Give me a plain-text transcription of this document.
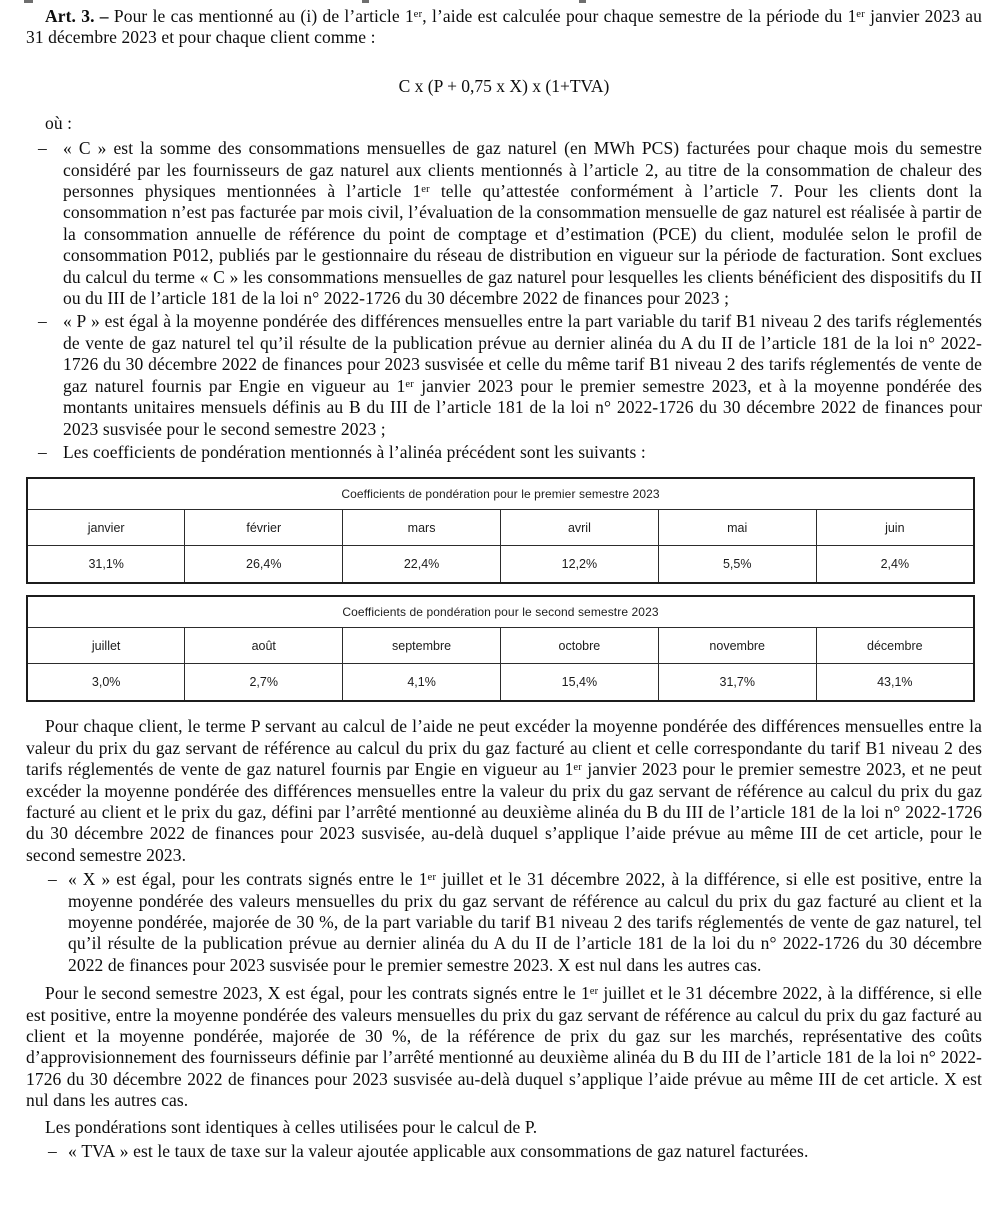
Art. 3. – Pour le cas mentionné au (i) de l’article 1ᵉʳ, l’aide est calculée pour chaque semestre de la période du 1ᵉʳ janvier 2023 au 31 décembre 2023 et pour chaque client comme :

C x (P + 0,75 x X) x (1+TVA)

où :

– « C » est la somme des consommations mensuelles de gaz naturel (en MWh PCS) facturées pour chaque mois du semestre considéré par les fournisseurs de gaz naturel aux clients mentionnés à l’article 2, au titre de la consommation de chaleur des personnes physiques mentionnées à l’article 1ᵉʳ telle qu’attestée conformément à l’article 7. Pour les clients dont la consommation n’est pas facturée par mois civil, l’évaluation de la consommation mensuelle de gaz naturel est réalisée à partir de la consommation annuelle de référence du point de comptage et d’estimation (PCE) du client, modulée selon le profil de consommation P012, publiés par le gestionnaire du réseau de distribution en vigueur sur la période de facturation. Sont exclues du calcul du terme « C » les consommations mensuelles de gaz naturel pour lesquelles les clients bénéficient des dispositifs du II ou du III de l’article 181 de la loi n° 2022-1726 du 30 décembre 2022 de finances pour 2023 ;
– « P » est égal à la moyenne pondérée des différences mensuelles entre la part variable du tarif B1 niveau 2 des tarifs réglementés de vente de gaz naturel tel qu’il résulte de la publication prévue au dernier alinéa du A du II de l’article 181 de la loi n° 2022-1726 du 30 décembre 2022 de finances pour 2023 susvisée et celle du même tarif B1 niveau 2 des tarifs réglementés de vente de gaz naturel fournis par Engie en vigueur au 1ᵉʳ janvier 2023 pour le premier semestre 2023, et à la moyenne pondérée des montants unitaires mensuels définis au B du III de l’article 181 de la loi n° 2022-1726 du 30 décembre 2022 de finances pour 2023 susvisée pour le second semestre 2023 ;
– Les coefficients de pondération mentionnés à l’alinéa précédent sont les suivants :
Coefficients de pondération pour le premier semestre 2023					
janvier	février	mars	avril	mai	juin
31,1%	26,4%	22,4%	12,2%	5,5%	2,4%
Coefficients de pondération pour le second semestre 2023					
juillet	août	septembre	octobre	novembre	décembre
3,0%	2,7%	4,1%	15,4%	31,7%	43,1%

Pour chaque client, le terme P servant au calcul de l’aide ne peut excéder la moyenne pondérée des différences mensuelles entre la valeur du prix du gaz servant de référence au calcul du prix du gaz facturé au client et celle correspondante du tarif B1 niveau 2 des tarifs réglementés de vente de gaz naturel fournis par Engie en vigueur au 1ᵉʳ janvier 2023 pour le premier semestre 2023, et ne peut excéder la moyenne pondérée des différences mensuelles entre la valeur du prix du gaz servant de référence au calcul du prix du gaz facturé au client et le prix du gaz, défini par l’arrêté mentionné au deuxième alinéa du B du III de l’article 181 de la loi n° 2022-1726 du 30 décembre 2022 de finances pour 2023 susvisée, au-delà duquel s’applique l’aide prévue au même III de cet article, pour le second semestre 2023.

– « X » est égal, pour les contrats signés entre le 1ᵉʳ juillet et le 31 décembre 2022, à la différence, si elle est positive, entre la moyenne pondérée des valeurs mensuelles du prix du gaz servant de référence au calcul du prix du gaz facturé au client et la moyenne pondérée, majorée de 30 %, de la part variable du tarif B1 niveau 2 des tarifs réglementés de vente de gaz naturel, tel qu’il résulte de la publication prévue au dernier alinéa du A du II de l’article 181 de la loi du n° 2022-1726 du 30 décembre 2022 de finances pour 2023 susvisée pour le premier semestre 2023. X est nul dans les autres cas.

Pour le second semestre 2023, X est égal, pour les contrats signés entre le 1ᵉʳ juillet et le 31 décembre 2022, à la différence, si elle est positive, entre la moyenne pondérée des valeurs mensuelles du prix du gaz servant de référence au calcul du prix du gaz facturé au client et la moyenne pondérée, majorée de 30 %, de la référence de prix du gaz sur les marchés, représentative des coûts d’approvisionnement des fournisseurs définie par l’arrêté mentionné au deuxième alinéa du B du III de l’article 181 de la loi n° 2022-1726 du 30 décembre 2022 de finances pour 2023 susvisée au-delà duquel s’applique l’aide prévue au même III de cet article. X est nul dans les autres cas.

Les pondérations sont identiques à celles utilisées pour le calcul de P.

– « TVA » est le taux de taxe sur la valeur ajoutée applicable aux consommations de gaz naturel facturées.
